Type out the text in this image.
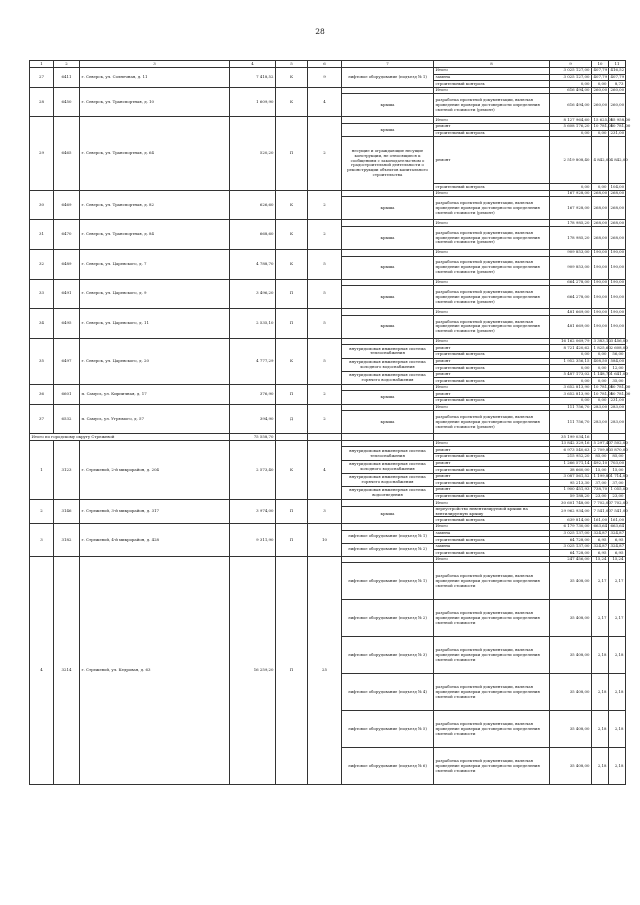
28
1	2	3	4	5	6	7	8	9	10	11
27	6411	г. Северск, ул. Солнечная, д. 11	7 418,52	К	9	лифтовое оборудование (подъезд № 1)	Итого	3 025 127,00	407,79	416,52
							замена	3 025 127,00	407,79	407,79
							строительный контроль	0,00	0,00	8,73
28	6450	г. Северск, ул. Транспортная, д. 10	1 609,90	К	4		Итого	616 494,00	260,00	260,00
						крыша	разработка проектной документации, включая проведение проверки достоверности определения сметной стоимости (ремонт)	616 494,00	260,00	260,00
29	6465	г. Северск, ул. Транспортная, д. 64	520,20	П	2		Итого	8 127 964,60	15 625,00	15 958,00
						крыша	ремонт	5 608 176,20	10 781,00	10 781,00
							строительный контроль	0,00	0,00	231,00
						несущие и ограждающие несущие конструкции, не относящиеся к сообщениям с законодательством о градостроительной деятельности о реконструкции объектов капитального строительства	ремонт	2 519 808,40	4 842,00	4 842,00
							строительный контроль	0,00	0,00	104,00
30	6469	г. Северск, ул. Транспортная, д. 82	626,60	К	2		Итого	167 928,00	268,00	268,00
						крыша	разработка проектной документации, включая проведение проверки достоверности определения сметной стоимости (ремонт)	167 928,00	268,00	268,00
31	6470	г. Северск, ул. Транспортная, д. 84	668,60	К	2		Итого	178 985,20	268,00	268,00
						крыша	разработка проектной документации, включая проведение проверки достоверности определения сметной стоимости (ремонт)	178 985,20	268,00	268,00
32	6489	г. Северск, ул. Царевского, д. 7	4 788,70	К	5		Итого	909 853,00	190,00	190,00
						крыша	разработка проектной документации, включая проведение проверки достоверности определения сметной стоимости (ремонт)	909 853,00	190,00	190,00
33	6491	г. Северск, ул. Царевского, д. 9	3 496,20	П	5		Итого	664 278,00	190,00	190,00
						крыша	разработка проектной документации, включая проведение проверки достоверности определения сметной стоимости (ремонт)	664 278,00	190,00	190,00
34	6495	г. Северск, ул. Царевского, д. 11	2 535,10	П	5		Итого	481 669,00	190,00	190,00
						крыша	разработка проектной документации, включая проведение проверки достоверности определения сметной стоимости (ремонт)	481 669,00	190,00	190,00
35	6497	г. Северск, ул. Царевского, д. 20	4 777,29	К	5		Итого	16 162 069,79	3 383,10	3 456,00
						внутридомовая инженерная система теплоснабжения	ремонт	8 721 420,62	1 825,60	2 608,00
							строительный контроль	0,00	0,00	56,00
						внутридомовая инженерная система холодного водоснабжения	ремонт	1 952 356,15	408,50	584,00
							строительный контроль	0,00	0,00	12,00
						внутридомовая инженерная система горячего водоснабжения	ремонт	5 487 173,02	1 148,70	1 641,00
							строительный контроль	0,00	0,00	35,00
36	6601	п. Самусь, ул. Кирпичная, д. 17	376,90	П	2		Итого	3 652 813,90	10 781,00	10 781,00
						крыша	ремонт	3 652 813,90	10 781,00	10 781,00
							строительный контроль	0,00	0,00	231,00
37	6532	п. Самусь, ул. Угрюмого, д. 57	394,90	Д	2		Итого	111 756,70	283,00	283,00
						крыша	разработка проектной документации, включая проведение проверки достоверности определения сметной стоимости (ремонт)	111 756,70	283,00	283,00
Итого по городскому округу Стрежевой			75 558,70					35 199 034,16		
1	3123	г. Стрежевой, 2-й микрорайон, д. 204	2 573,40	К	4		Итого	13 842 329,16	5 297,40	7 502,00
						внутридомовая инженерная система теплоснабжения	ремонт	6 973 540,63	2 709,80	3 870,00
							строительный контроль	215 952,20	85,00	85,00
						внутридомовая инженерная система холодного водоснабжения	ремонт	1 266 571,14	492,10	703,00
							строительный контроль	38 660,00	15,00	15,00
						внутридомовая инженерная система горячего водоснабжения	ремонт	3 087 561,52	1 199,80	1 714,00
							строительный контроль	95 213,30	37,00	37,00
						внутридомовая инженерная система водоотведения	ремонт	1 900 451,93	738,70	1 055,00
							строительный контроль	59 188,20	23,00	23,00
2	3146	г. Стрежевой, 3-й микрорайон, д. 317	3 974,00	П	3		Итого	30 601 748,00	7 702,00	7 702,00
						крыша	переустройство невентилируемой крыши на вентилируемую крышу	29 962 934,00	7 541,00	7 541,00
							строительный контроль	639 814,00	161,00	161,00
3	3182	г. Стрежевой, 4-й микрорайон, д. 428	9 311,90	П	10		Итого	6 179 730,00	663,64	663,64
						лифтовое оборудование (подъезд № 1)	замена	3 025 137,00	324,87	324,87
							строительный контроль	64 728,00	6,95	6,95
						лифтовое оборудование (подъезд № 2)	замена	3 025 137,00	324,87	324,87
							строительный контроль	64 728,00	6,95	6,95
4	3214	г. Стрежевой, ул. Кедровая, д. 63	16 259,20	П	25		Итого	247 456,00	15,24	15,24
						лифтовое оборудование (подъезд № 1)	разработка проектной документации, включая проведение проверки достоверности определения сметной стоимости	35 408,00	2,17	2,17
						лифтовое оборудование (подъезд № 2)	разработка проектной документации, включая проведение проверки достоверности определения сметной стоимости	35 408,00	2,17	2,17
						лифтовое оборудование (подъезд № 3)	разработка проектной документации, включая проведение проверки достоверности определения сметной стоимости	35 408,00	2,18	2,18
						лифтовое оборудование (подъезд № 4)	разработка проектной документации, включая проведение проверки достоверности определения сметной стоимости	35 408,00	2,18	2,18
						лифтовое оборудование (подъезд № 5)	разработка проектной документации, включая проведение проверки достоверности определения сметной стоимости	35 408,00	2,18	2,18
						лифтовое оборудование (подъезд № 6)	разработка проектной документации, включая проведение проверки достоверности определения сметной стоимости	35 408,00	2,18	2,18
